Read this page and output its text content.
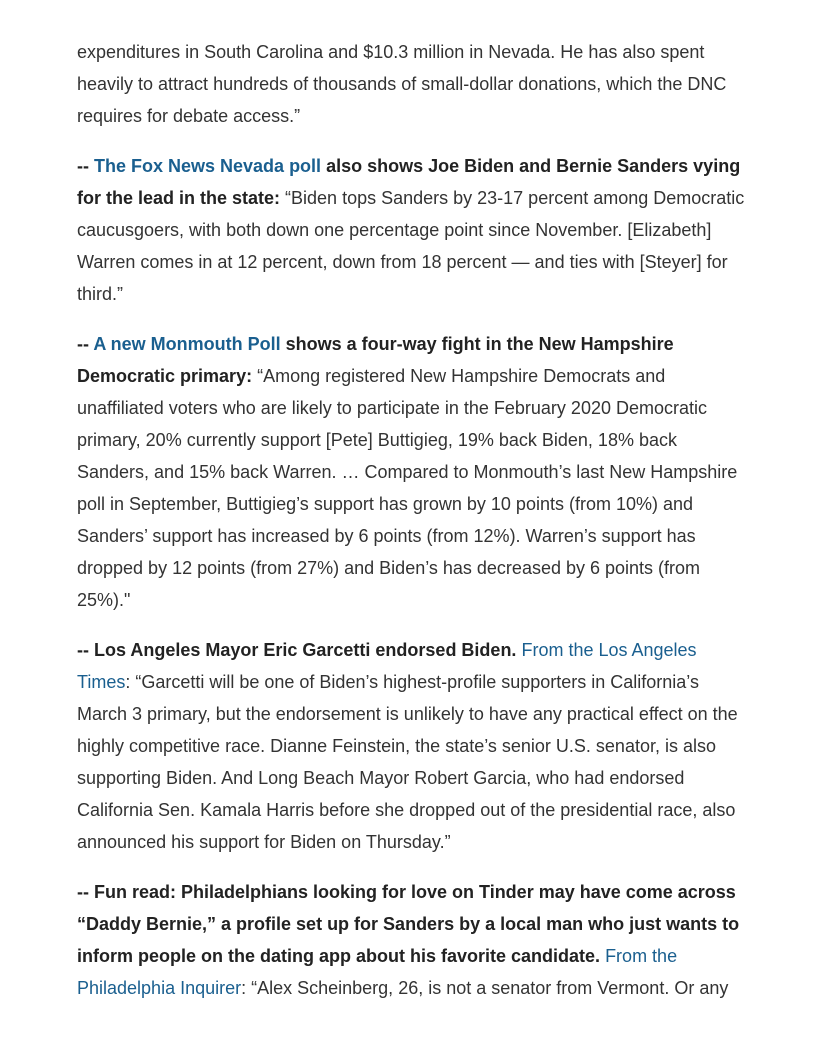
expenditures in South Carolina and $10.3 million in Nevada. He has also spent heavily to attract hundreds of thousands of small-dollar donations, which the DNC requires for debate access.”

-- The Fox News Nevada poll also shows Joe Biden and Bernie Sanders vying for the lead in the state: “Biden tops Sanders by 23-17 percent among Democratic caucusgoers, with both down one percentage point since November. [Elizabeth] Warren comes in at 12 percent, down from 18 percent — and ties with [Steyer] for third.”

-- A new Monmouth Poll shows a four-way fight in the New Hampshire Democratic primary: “Among registered New Hampshire Democrats and unaffiliated voters who are likely to participate in the February 2020 Democratic primary, 20% currently support [Pete] Buttigieg, 19% back Biden, 18% back Sanders, and 15% back Warren. … Compared to Monmouth’s last New Hampshire poll in September, Buttigieg’s support has grown by 10 points (from 10%) and Sanders’ support has increased by 6 points (from 12%). Warren’s support has dropped by 12 points (from 27%) and Biden’s has decreased by 6 points (from 25%)."

-- Los Angeles Mayor Eric Garcetti endorsed Biden. From the Los Angeles Times: “Garcetti will be one of Biden’s highest-profile supporters in California’s March 3 primary, but the endorsement is unlikely to have any practical effect on the highly competitive race. Dianne Feinstein, the state’s senior U.S. senator, is also supporting Biden. And Long Beach Mayor Robert Garcia, who had endorsed California Sen. Kamala Harris before she dropped out of the presidential race, also announced his support for Biden on Thursday.”

-- Fun read: Philadelphians looking for love on Tinder may have come across “Daddy Bernie,” a profile set up for Sanders by a local man who just wants to inform people on the dating app about his favorite candidate. From the Philadelphia Inquirer: “Alex Scheinberg, 26, is not a senator from Vermont. Or any
